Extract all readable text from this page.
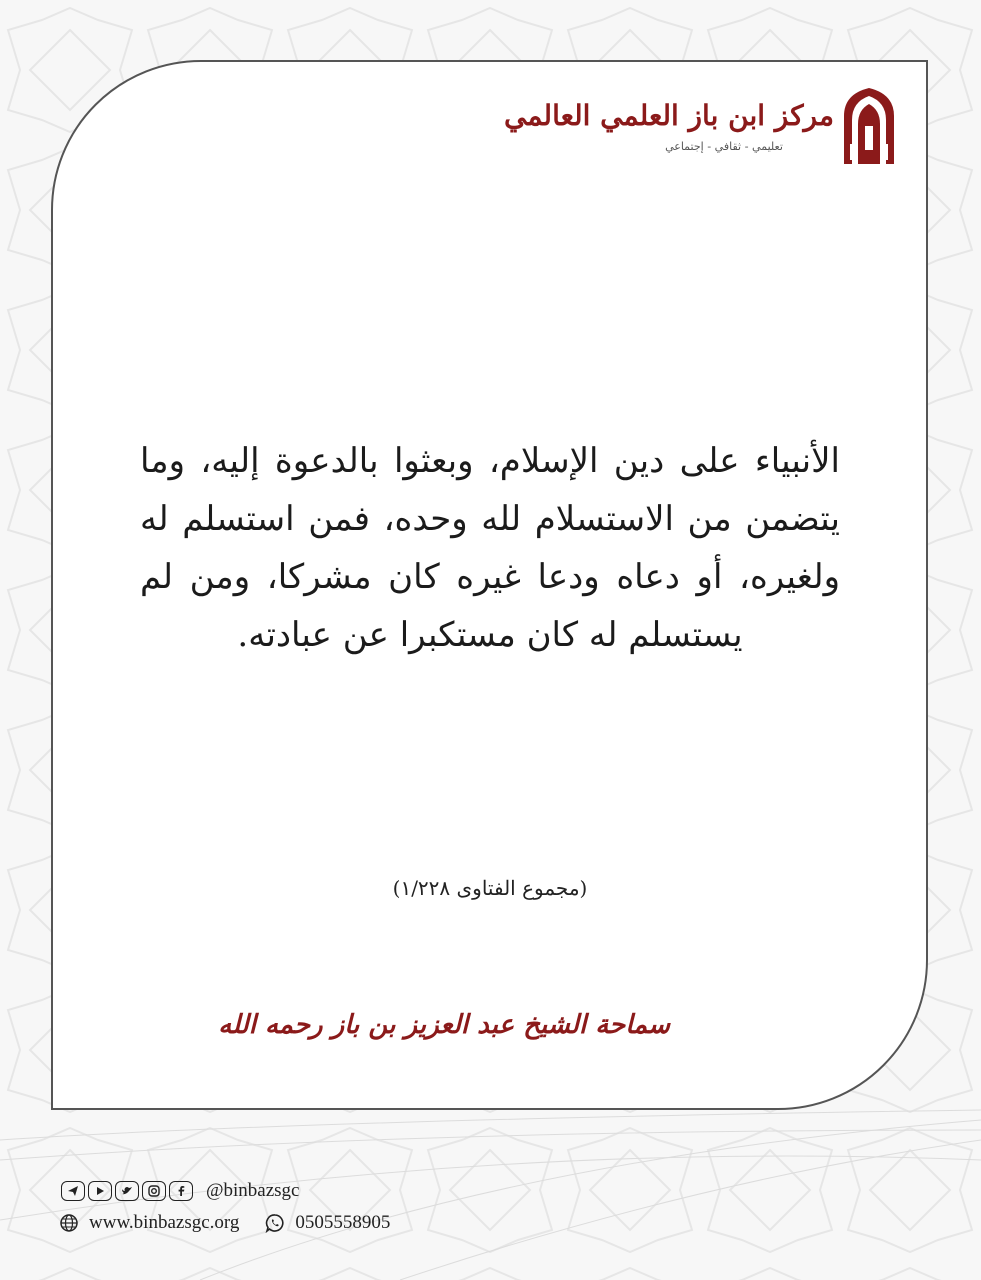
مركز ابن باز العلمي العالمي
تعليمي - ثقافي - إجتماعي
الأنبياء على دين الإسلام، وبعثوا بالدعوة إليه، وما يتضمن من الاستسلام لله وحده، فمن استسلم له ولغيره، أو دعاه ودعا غيره كان مشركا، ومن لم يستسلم له كان مستكبرا عن عبادته.
(مجموع الفتاوى ١/٢٢٨)
سماحة الشيخ عبد العزيز بن باز رحمه الله
@binbazsgc
www.binbazsgc.org	0505558905
